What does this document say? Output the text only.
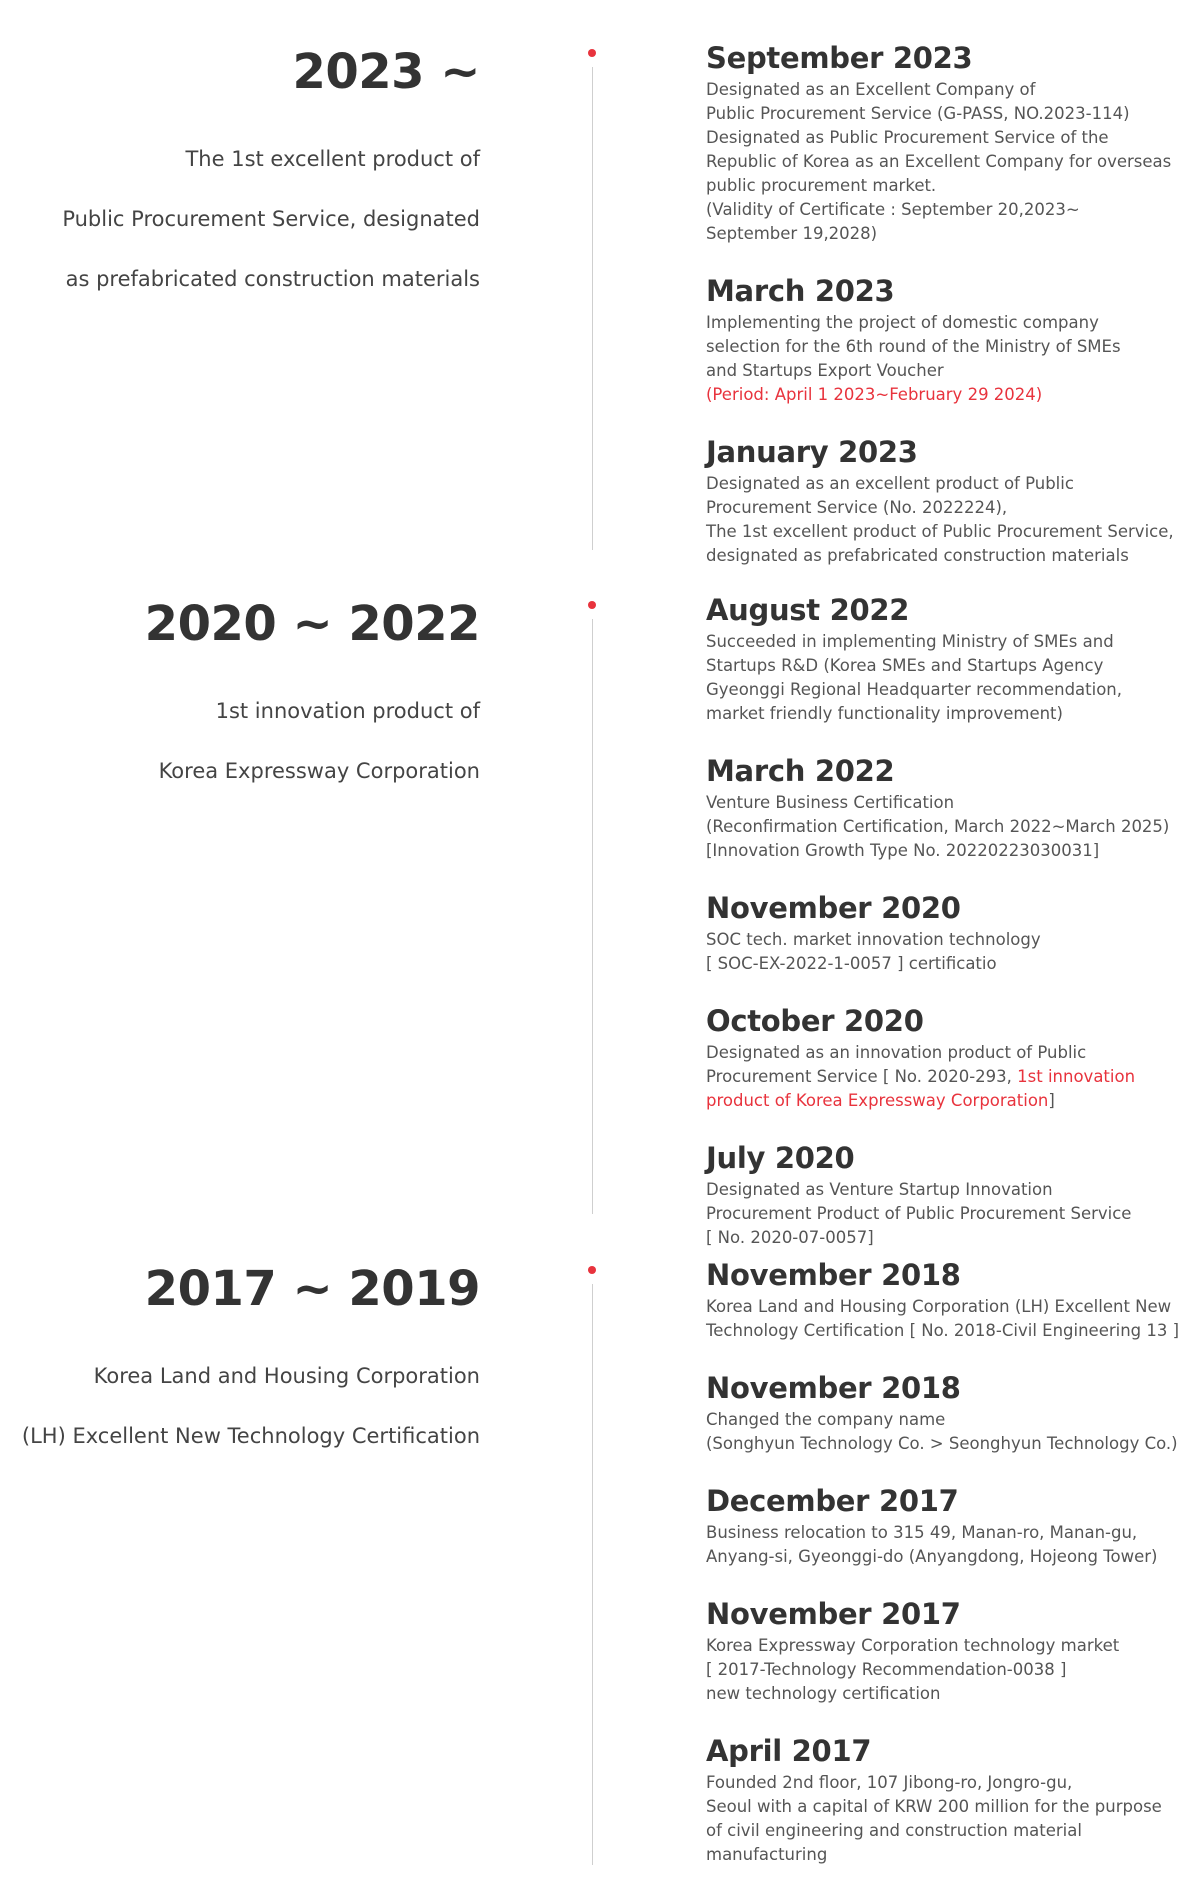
2023 ~

The 1st excellent product of

Public Procurement Service, designated

as prefabricated construction materials

September 2023
Designated as an Excellent Company of
Public Procurement Service (G-PASS, NO.2023-114)
Designated as Public Procurement Service of the
Republic of Korea as an Excellent Company for overseas
public procurement market.
(Validity of Certificate : September 20,2023~
September 19,2028)
March 2023
Implementing the project of domestic company
selection for the 6th round of the Ministry of SMEs
and Startups Export Voucher
(Period: April 1 2023~February 29 2024)
January 2023
Designated as an excellent product of Public
Procurement Service (No. 2022224),
The 1st excellent product of Public Procurement Service,
designated as prefabricated construction materials
2020 ~ 2022

1st innovation product of

Korea Expressway Corporation

August 2022
Succeeded in implementing Ministry of SMEs and
Startups R&D (Korea SMEs and Startups Agency
Gyeonggi Regional Headquarter recommendation,
market friendly functionality improvement)
March 2022
Venture Business Certification
(Reconfirmation Certification, March 2022~March 2025)
[Innovation Growth Type No. 20220223030031]
November 2020
SOC tech. market innovation technology
[ SOC-EX-2022-1-0057 ] certificatio
October 2020
Designated as an innovation product of Public
Procurement Service [ No. 2020-293, 1st innovation
product of Korea Expressway Corporation]
July 2020
Designated as Venture Startup Innovation
Procurement Product of Public Procurement Service
[ No. 2020-07-0057]
2017 ~ 2019

Korea Land and Housing Corporation

(LH) Excellent New Technology Certification

November 2018
Korea Land and Housing Corporation (LH) Excellent New
Technology Certification [ No. 2018-Civil Engineering 13 ]
November 2018
Changed the company name
(Songhyun Technology Co. > Seonghyun Technology Co.)
December 2017
Business relocation to 315 49, Manan-ro, Manan-gu,
Anyang-si, Gyeonggi-do (Anyangdong, Hojeong Tower)
November 2017
Korea Expressway Corporation technology market
[ 2017-Technology Recommendation-0038 ]
new technology certification
April 2017
Founded 2nd floor, 107 Jibong-ro, Jongro-gu,
Seoul with a capital of KRW 200 million for the purpose
of civil engineering and construction material
manufacturing
